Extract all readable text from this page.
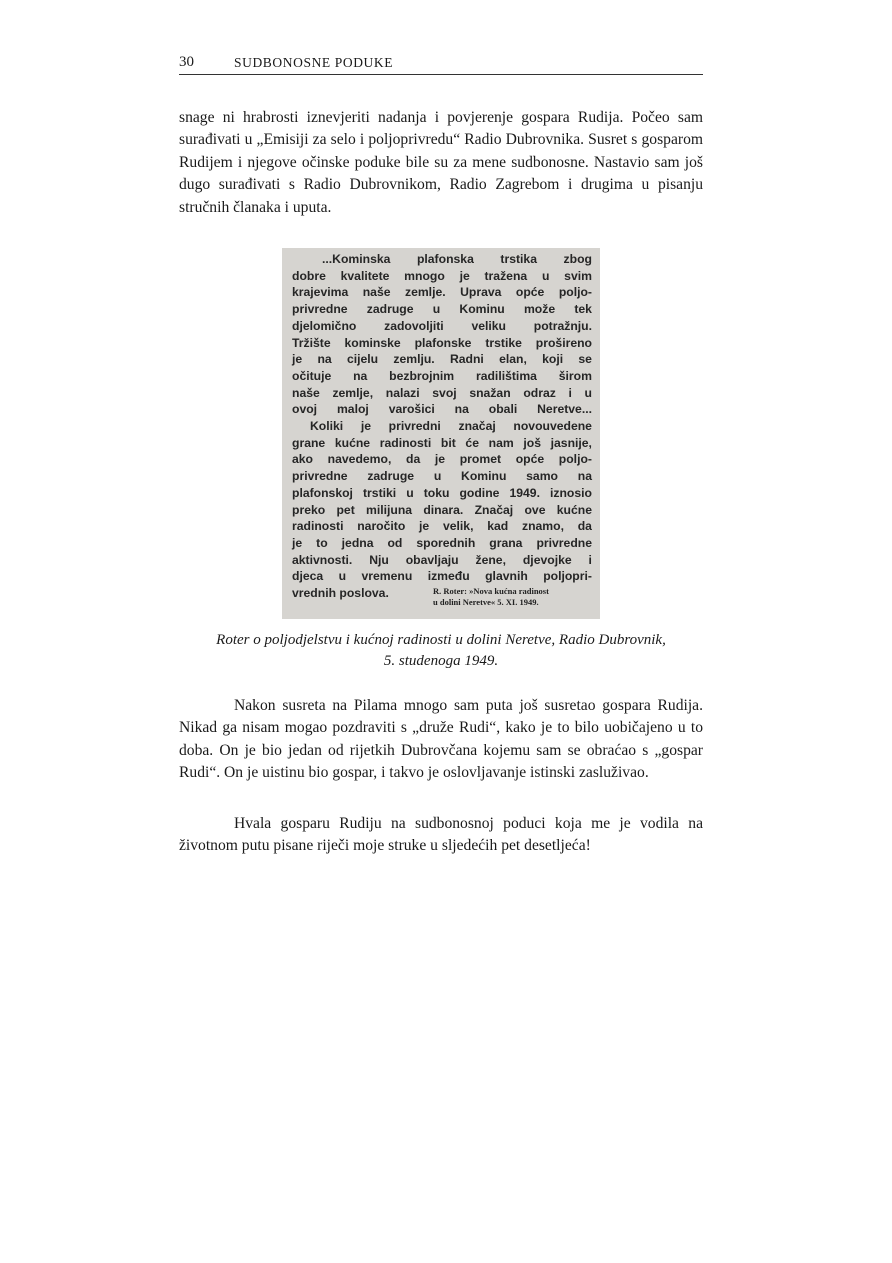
30	SUDBONOSNE PODUKE

snage ni hrabrosti iznevjeriti nadanja i povjerenje gospara Rudija. Počeo sam surađivati u „Emisiji za selo i poljoprivredu“ Radio Dubrovnika. Susret s gosparom Rudijem i njegove očinske poduke bile su za mene sudbonosne. Nastavio sam još dugo surađivati s Radio Dubrovnikom, Radio Zagrebom i drugima u pisanju stručnih članaka i uputa.

...Kominska plafonska trstika zbog
dobre kvalitete mnogo je tražena u svim
krajevima naše zemlje. Uprava opće poljo-
privredne zadruge u Kominu može tek
djelomično zadovoljiti veliku potražnju.
Tržište kominske plafonske trstike prošireno
je na cijelu zemlju. Radni elan, koji se
očituje na bezbrojnim radilištima širom
naše zemlje, nalazi svoj snažan odraz i u
ovoj maloj varošici na obali Neretve...
Koliki je privredni značaj novouvedene
grane kućne radinosti bit će nam još jasnije,
ako navedemo, da je promet opće poljo-
privredne zadruge u Kominu samo na
plafonskoj trstiki u toku godine 1949. iznosio
preko pet milijuna dinara. Značaj ove kućne
radinosti naročito je velik, kad znamo, da
je to jedna od sporednih grana privredne
aktivnosti. Nju obavljaju žene, djevojke i
djeca u vremenu između glavnih poljopri-
vrednih poslova.	R. Roter: »Nova kućna radinost
u dolini Neretve« 5. XI. 1949.

Roter o poljodjelstvu i kućnoj radinosti u dolini Neretve, Radio Dubrovnik,
5. studenoga 1949.

Nakon susreta na Pilama mnogo sam puta još susretao gospara Rudija. Nikad ga nisam mogao pozdraviti s „druže Rudi“, kako je to bilo uobičajeno u to doba. On je bio jedan od rijetkih Dubrovčana kojemu sam se obraćao s „gospar Rudi“. On je uistinu bio gospar, i takvo je oslovljavanje istinski zasluživao.

Hvala gosparu Rudiju na sudbonosnoj poduci koja me je vodila na životnom putu pisane riječi moje struke u sljedećih pet desetljeća!
